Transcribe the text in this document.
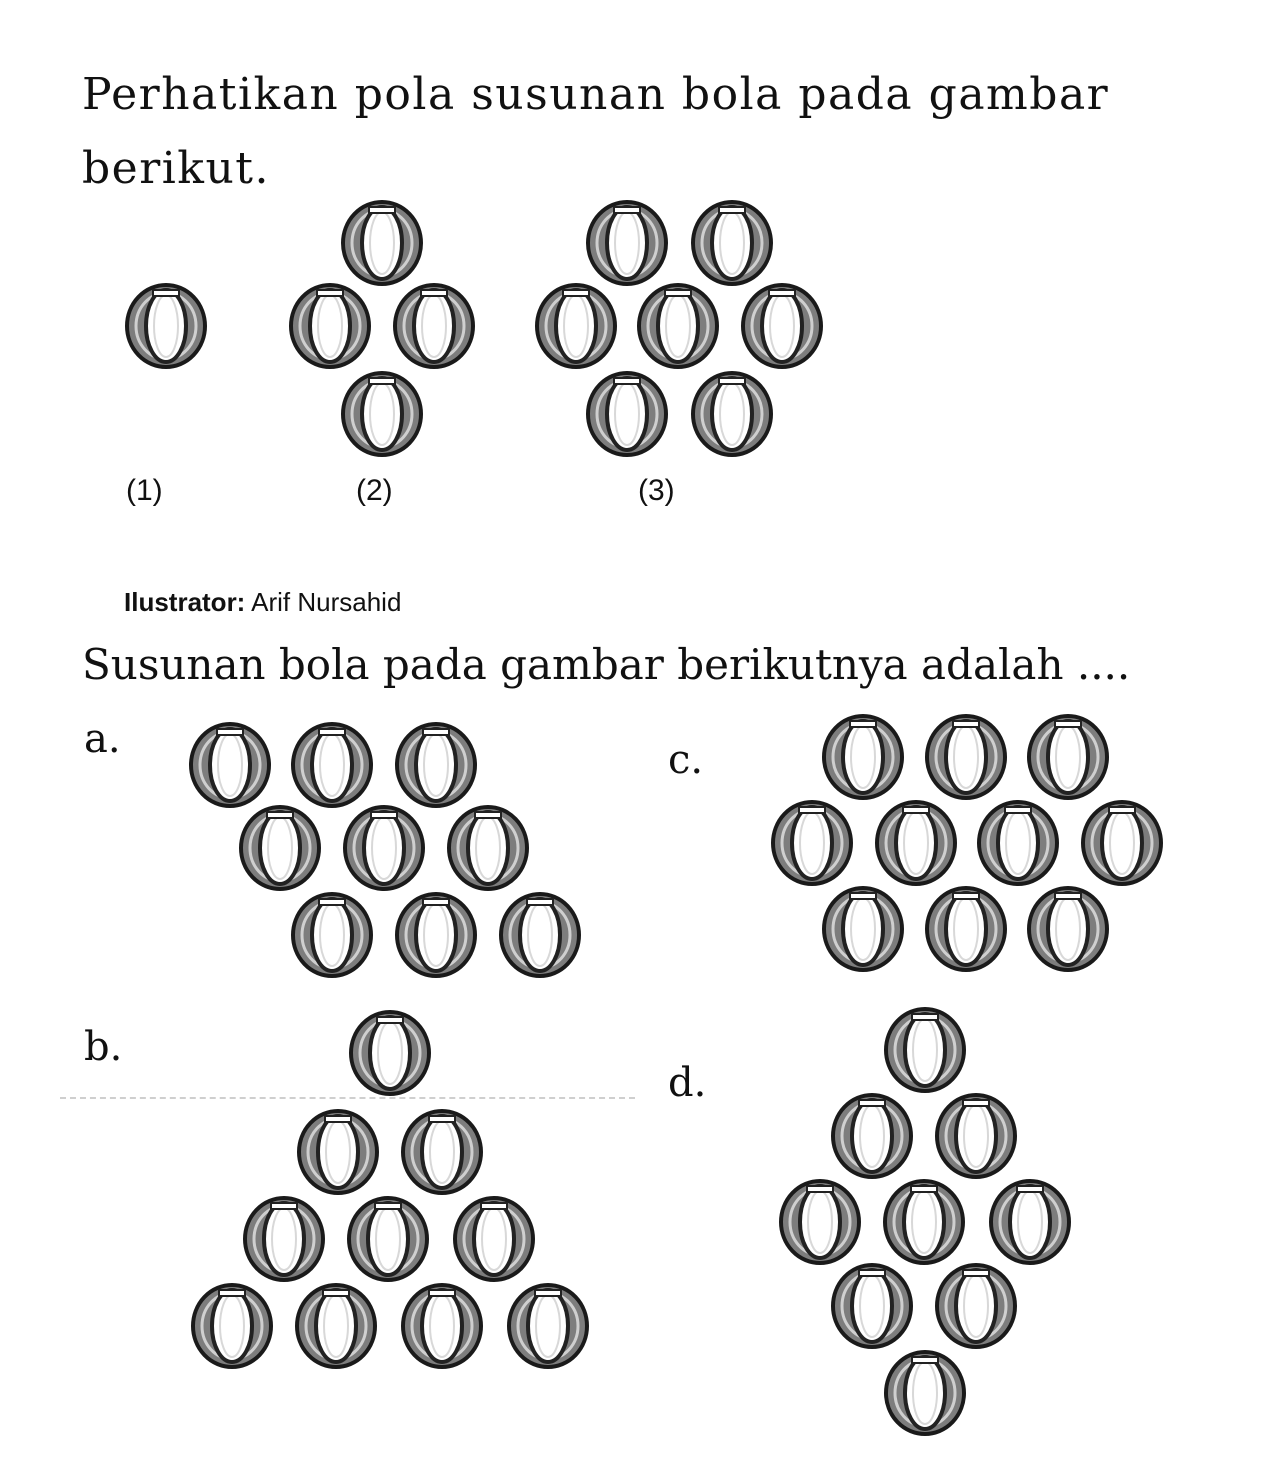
Perhatikan pola susunan bola pada gambar berikut.
(1)	(2)	(3)
Ilustrator: Arif Nursahid
Susunan bola pada gambar berikutnya adalah ....
a.	c.
b.
d.
